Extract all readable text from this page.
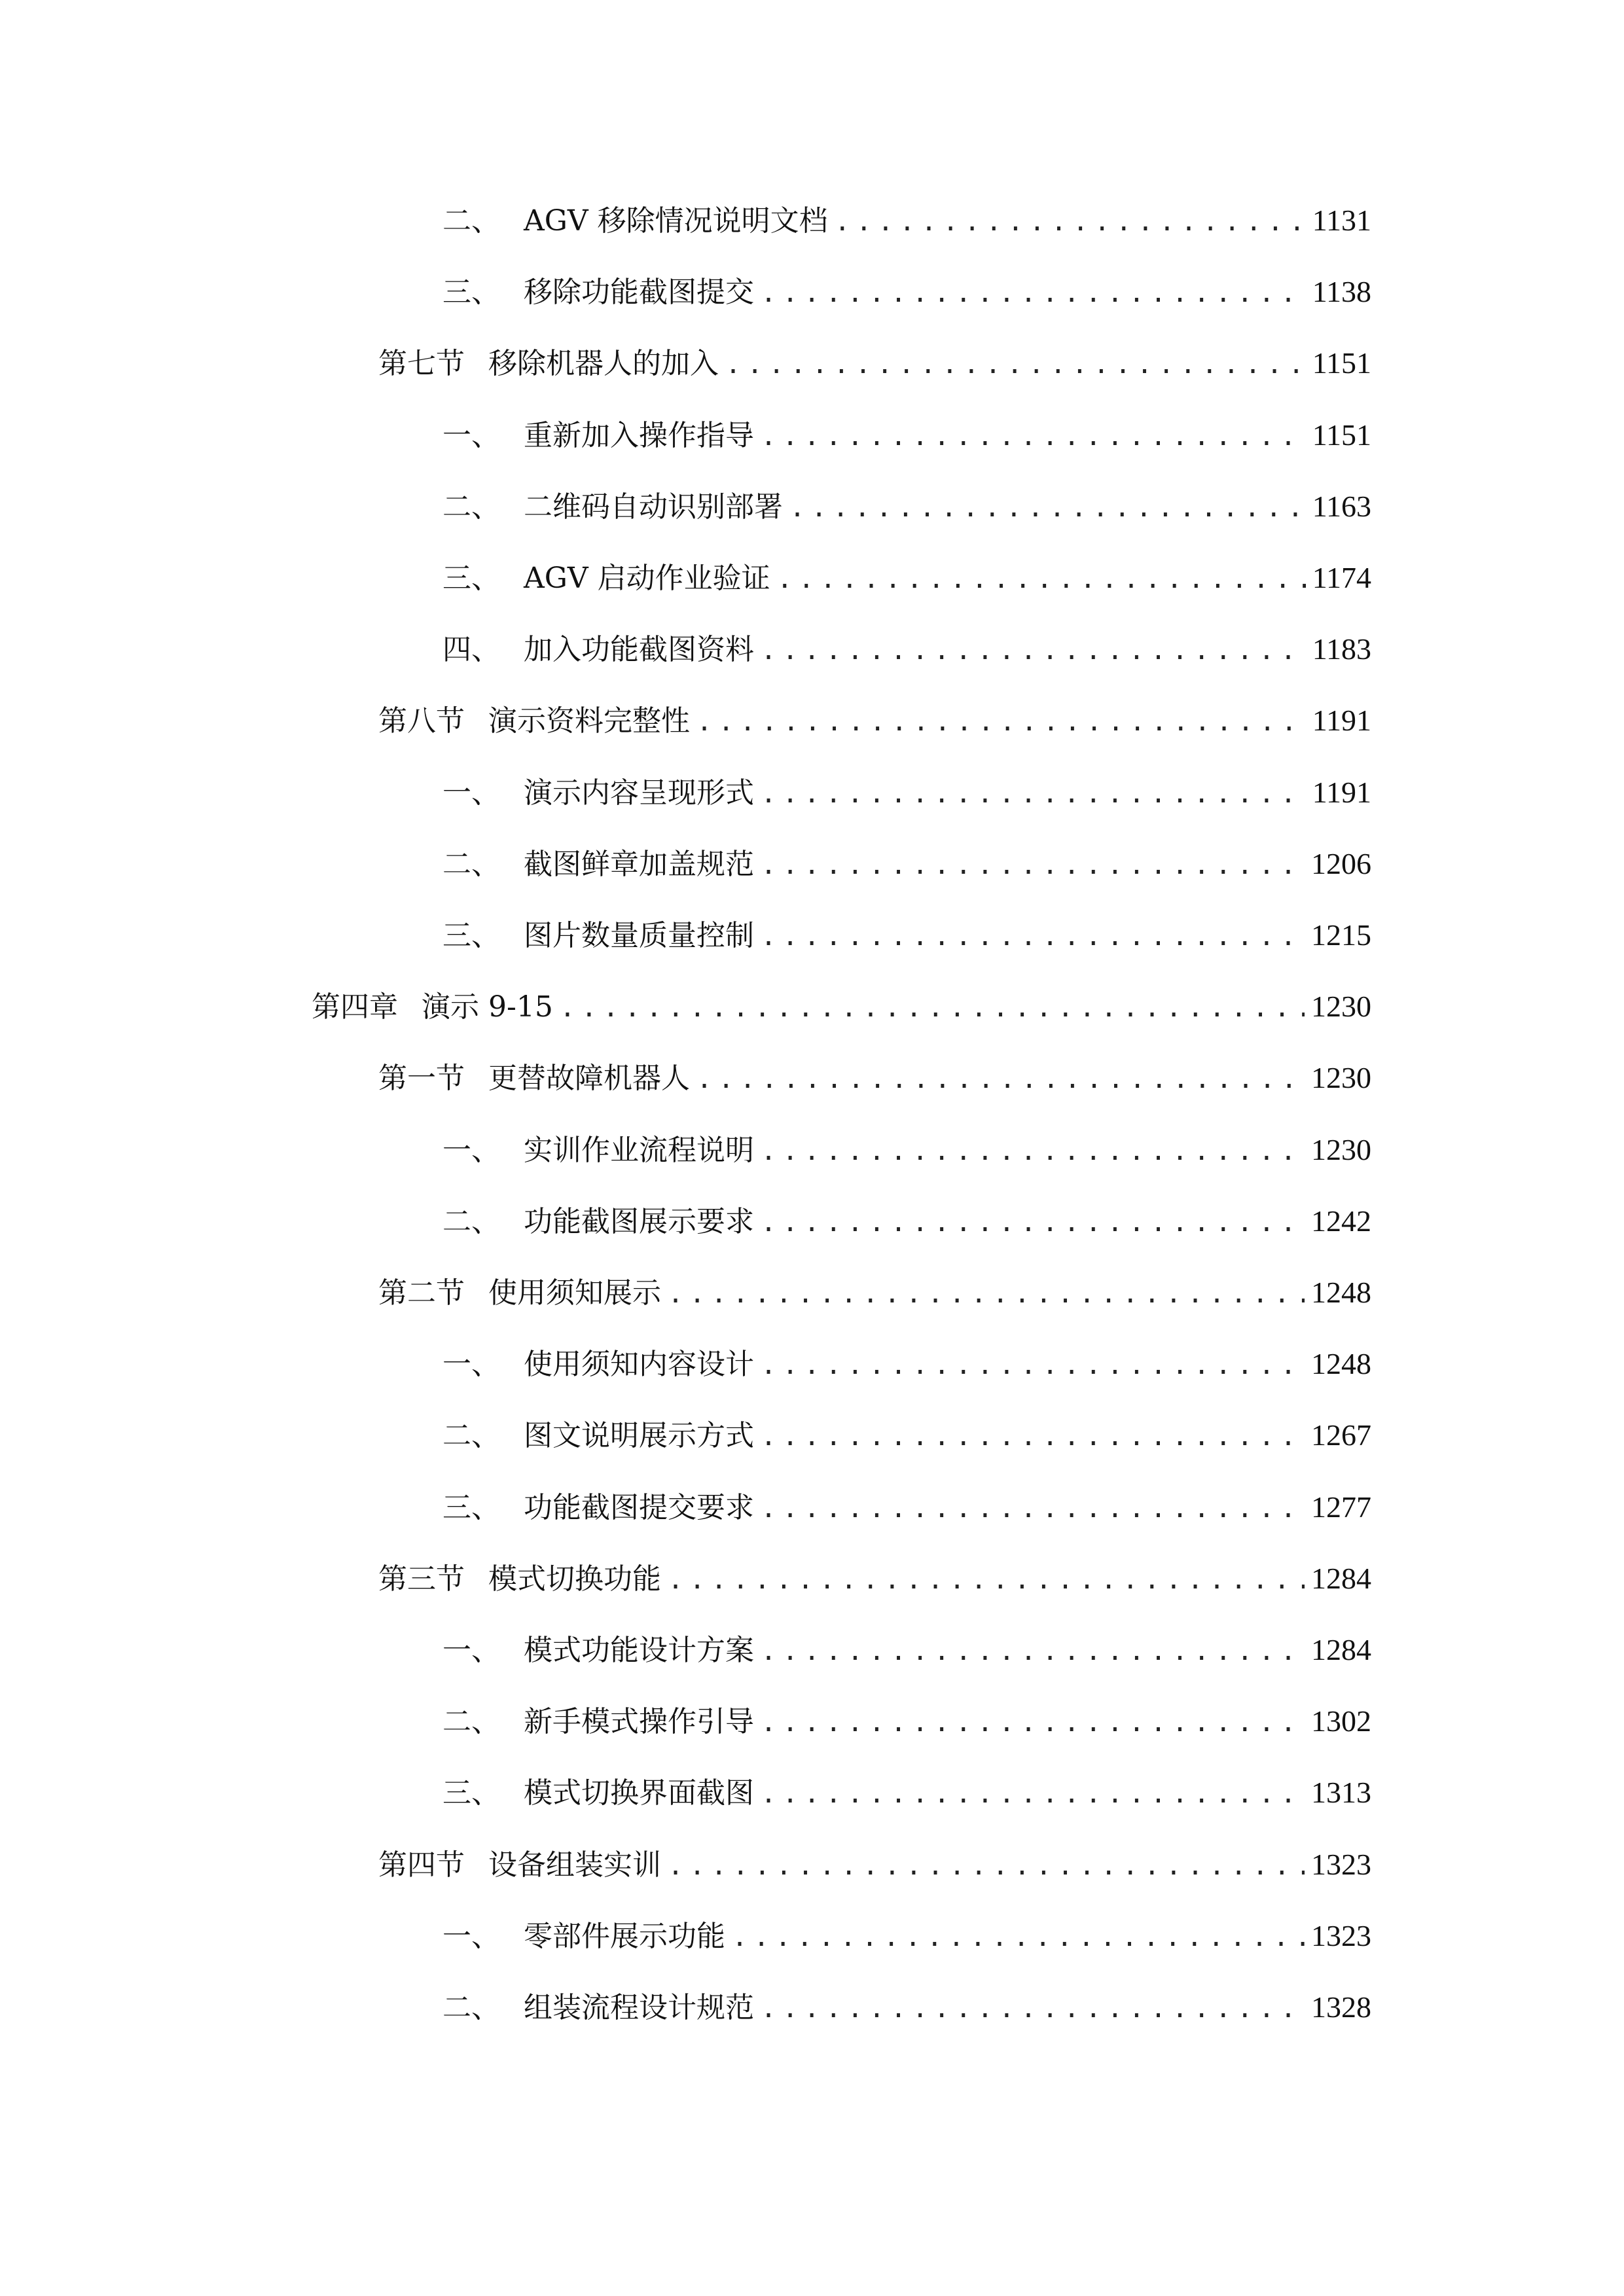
二、 AGV 移除情况说明文档 .....	1131
三、 移除功能截图提交 .....	1138
第七节 移除机器人的加入 .....	1151
一、 重新加入操作指导 .....	1151
二、 二维码自动识别部署 .....	1163
三、 AGV 启动作业验证 .....	1174
四、 加入功能截图资料 .....	1183
第八节 演示资料完整性 .....	1191
一、 演示内容呈现形式 .....	1191
二、 截图鲜章加盖规范 .....	1206
三、 图片数量质量控制 .....	1215
第四章 演示 9-15 .....	1230
第一节 更替故障机器人 .....	1230
一、 实训作业流程说明 .....	1230
二、 功能截图展示要求 .....	1242
第二节 使用须知展示 .....	1248
一、 使用须知内容设计 .....	1248
二、 图文说明展示方式 .....	1267
三、 功能截图提交要求 .....	1277
第三节 模式切换功能 .....	1284
一、 模式功能设计方案 .....	1284
二、 新手模式操作引导 .....	1302
三、 模式切换界面截图 .....	1313
第四节 设备组装实训 .....	1323
一、 零部件展示功能 .....	1323
二、 组装流程设计规范 .....	1328
